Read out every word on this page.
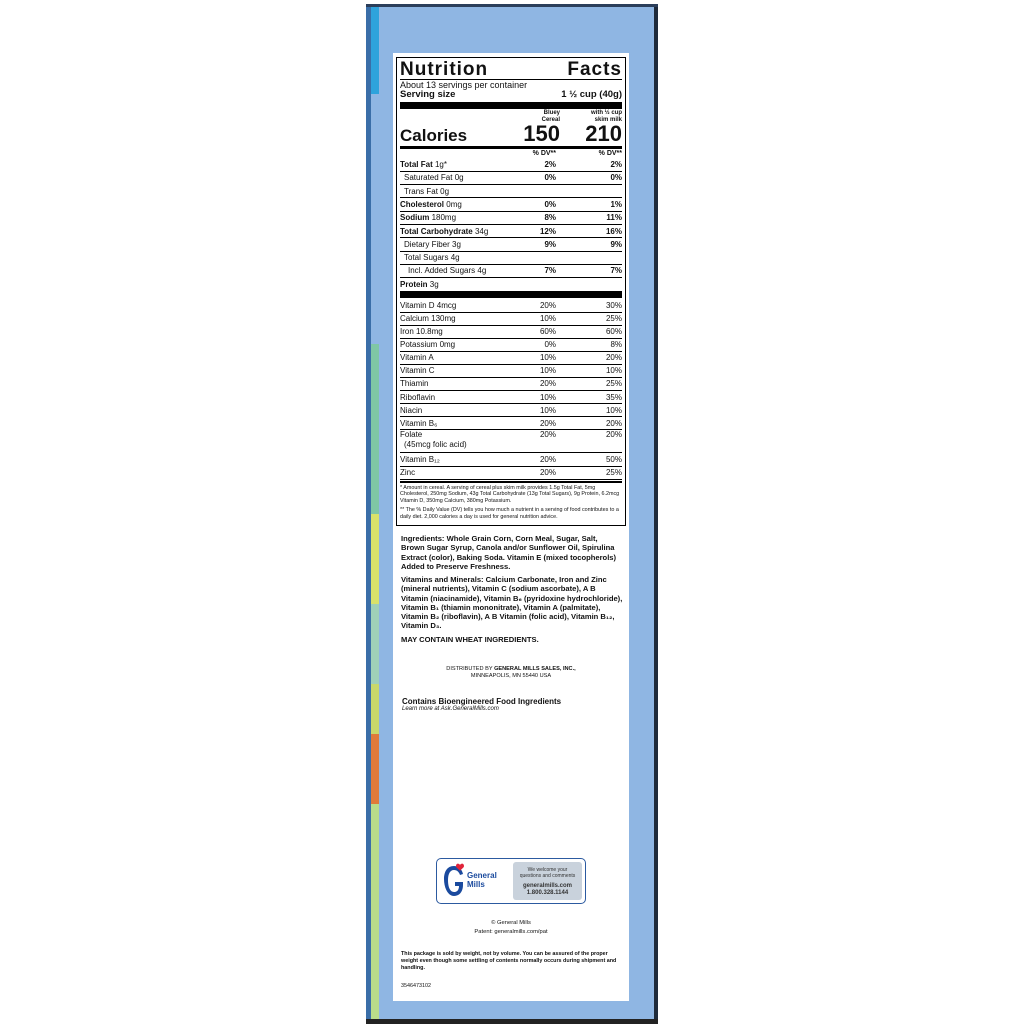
Nutrition	Facts
About 13 servings per container
Serving size	1 ½ cup (40g)
Bluey Cereal
with ½ cup skim milk
Calories	150	210
% DV**	% DV**
Total Fat 1g*	2%	2%
Saturated Fat 0g	0%	0%
Trans Fat 0g
Cholesterol 0mg	0%	1%
Sodium 180mg	8%	11%
Total Carbohydrate 34g	12%	16%
Dietary Fiber 3g	9%	9%
Total Sugars 4g
Incl. Added Sugars 4g	7%	7%
Protein 3g
Vitamin D 4mcg	20%	30%
Calcium 130mg	10%	25%
Iron 10.8mg	60%	60%
Potassium 0mg	0%	8%
Vitamin A	10%	20%
Vitamin C	10%	10%
Thiamin	20%	25%
Riboflavin	10%	35%
Niacin	10%	10%
Vitamin B₆	20%	20%
Folate
(45mcg folic acid)
20%	20%
Vitamin B₁₂	20%	50%
Zinc	20%	25%

* Amount in cereal. A serving of cereal plus skim milk provides 1.5g Total Fat, 5mg Cholesterol, 250mg Sodium, 43g Total Carbohydrate (13g Total Sugars), 9g Protein, 6.2mcg Vitamin D, 350mg Calcium, 380mg Potassium.

** The % Daily Value (DV) tells you how much a nutrient in a serving of food contributes to a daily diet. 2,000 calories a day is used for general nutrition advice.

Ingredients: Whole Grain Corn, Corn Meal, Sugar, Salt, Brown Sugar Syrup, Canola and/or Sunflower Oil, Spirulina Extract (color), Baking Soda. Vitamin E (mixed tocopherols) Added to Preserve Freshness.

Vitamins and Minerals: Calcium Carbonate, Iron and Zinc (mineral nutrients), Vitamin C (sodium ascorbate), A B Vitamin (niacinamide), Vitamin B₆ (pyridoxine hydrochloride), Vitamin B₁ (thiamin mononitrate), Vitamin A (palmitate), Vitamin B₂ (riboflavin), A B Vitamin (folic acid), Vitamin B₁₂, Vitamin D₃.

MAY CONTAIN WHEAT INGREDIENTS.

DISTRIBUTED BY GENERAL MILLS SALES, INC.,
MINNEAPOLIS, MN 55440 USA
Contains Bioengineered Food Ingredients
Learn more at Ask.GeneralMills.com
General
Mills
We welcome your
questions and comments
generalmills.com
1.800.328.1144
© General Mills
Patent: generalmills.com/pat
This package is sold by weight, not by volume. You can be assured of the proper weight even though some settling of contents normally occurs during shipment and handling.
3546473102
